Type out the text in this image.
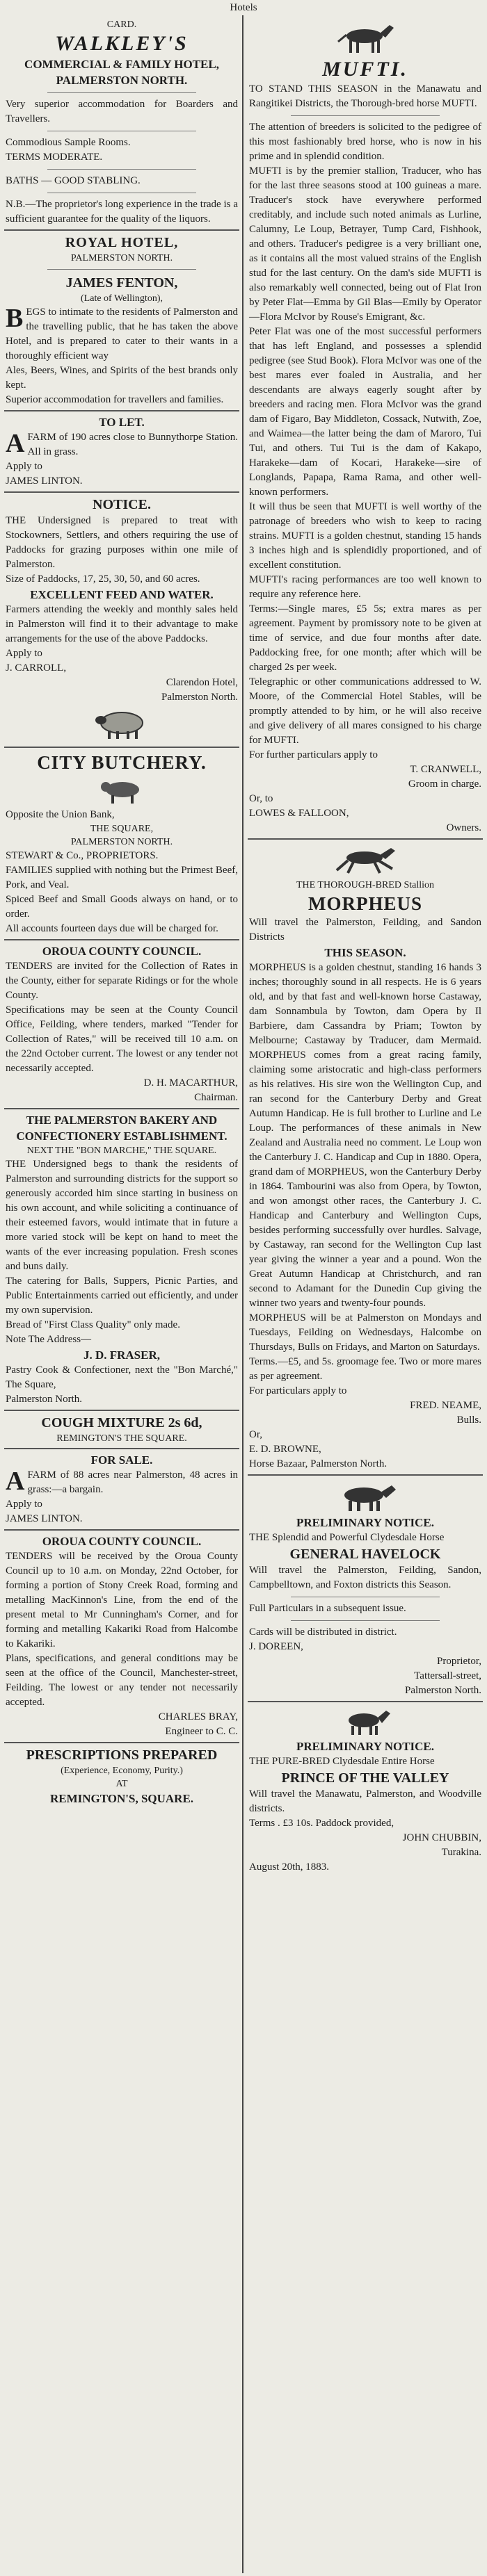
Hotels
CARD.
WALKLEY'S
COMMERCIAL & FAMILY HOTEL,
PALMERSTON NORTH.
Very superior accommodation for Boarders and Travellers.
Commodious Sample Rooms.
TERMS MODERATE.
BATHS — GOOD STABLING.
N.B.—The proprietor's long experience in the trade is a sufficient guarantee for the quality of the liquors.
ROYAL HOTEL,
PALMERSTON NORTH.
JAMES FENTON,
(Late of Wellington),
BEGS to intimate to the residents of Palmerston and the travelling public, that he has taken the above Hotel, and is prepared to cater to their wants in a thoroughly efficient way
Ales, Beers, Wines, and Spirits of the best brands only kept.
Superior accommodation for travellers and families.
TO LET.
AFARM of 190 acres close to Bunnythorpe Station. All in grass.
Apply to
JAMES LINTON.
NOTICE.
THE Undersigned is prepared to treat with Stockowners, Settlers, and others requiring the use of Paddocks for grazing purposes within one mile of Palmerston.
Size of Paddocks, 17, 25, 30, 50, and 60 acres.
EXCELLENT FEED AND WATER.
Farmers attending the weekly and monthly sales held in Palmerston will find it to their advantage to make arrangements for the use of the above Paddocks.
Apply to
J. CARROLL,
Clarendon Hotel,
Palmerston North.
CITY BUTCHERY.
Opposite the Union Bank,
THE SQUARE,
PALMERSTON NORTH.
STEWART & Co., PROPRIETORS.
FAMILIES supplied with nothing but the Primest Beef, Pork, and Veal.
Spiced Beef and Small Goods always on hand, or to order.
All accounts fourteen days due will be charged for.
OROUA COUNTY COUNCIL.
TENDERS are invited for the Collection of Rates in the County, either for separate Ridings or for the whole County.
Specifications may be seen at the County Council Office, Feilding, where tenders, marked "Tender for Collection of Rates," will be received till 10 a.m. on the 22nd October current. The lowest or any tender not necessarily accepted.
D. H. MACARTHUR,
Chairman.
THE PALMERSTON BAKERY AND CONFECTIONERY ESTABLISHMENT.
NEXT THE "BON MARCHE," THE SQUARE.
THE Undersigned begs to thank the residents of Palmerston and surrounding districts for the support so generously accorded him since starting in business on his own account, and while soliciting a continuance of their esteemed favors, would intimate that in future a more varied stock will be kept on hand to meet the wants of the ever increasing population. Fresh scones and buns daily.
The catering for Balls, Suppers, Picnic Parties, and Public Entertainments carried out efficiently, and under my own supervision.
Bread of "First Class Quality" only made.
Note The Address—
J. D. FRASER,
Pastry Cook & Confectioner, next the "Bon Marché," The Square,
Palmerston North.
COUGH MIXTURE 2s 6d,
REMINGTON'S THE SQUARE.
FOR SALE.
AFARM of 88 acres near Palmerston, 48 acres in grass:—a bargain.
Apply to
JAMES LINTON.
OROUA COUNTY COUNCIL.
TENDERS will be received by the Oroua County Council up to 10 a.m. on Monday, 22nd October, for forming a portion of Stony Creek Road, forming and metalling MacKinnon's Line, from the end of the present metal to Mr Cunningham's Corner, and for forming and metalling Kakariki Road from Halcombe to Kakariki.
Plans, specifications, and general conditions may be seen at the office of the Council, Manchester-street, Feilding. The lowest or any tender not necessarily accepted.
CHARLES BRAY,
Engineer to C. C.
PRESCRIPTIONS PREPARED
(Experience, Economy, Purity.)
AT
REMINGTON'S, SQUARE.
MUFTI.
TO STAND THIS SEASON in the Manawatu and Rangitikei Districts, the Thorough-bred horse MUFTI.
The attention of breeders is solicited to the pedigree of this most fashionably bred horse, who is now in his prime and in splendid condition.
MUFTI is by the premier stallion, Traducer, who has for the last three seasons stood at 100 guineas a mare. Traducer's stock have everywhere performed creditably, and include such noted animals as Lurline, Calumny, Le Loup, Betrayer, Tump Card, Fishhook, and others. Traducer's pedigree is a very brilliant one, as it contains all the most valued strains of the English stud for the last century. On the dam's side MUFTI is also remarkably well connected, being out of Flat Iron by Peter Flat—Emma by Gil Blas—Emily by Operator—Flora McIvor by Rouse's Emigrant, &c.
Peter Flat was one of the most successful performers that has left England, and possesses a splendid pedigree (see Stud Book). Flora McIvor was one of the best mares ever foaled in Australia, and her descendants are always eagerly sought after by breeders and racing men. Flora McIvor was the grand dam of Figaro, Bay Middleton, Cossack, Nutwith, Zoe, and Waimea—the latter being the dam of Maroro, Tui Tui, and others. Tui Tui is the dam of Kakapo, Harakeke—dam of Kocari, Harakeke—sire of Longlands, Papapa, Rama Rama, and other well-known performers.
It will thus be seen that MUFTI is well worthy of the patronage of breeders who wish to keep to racing strains. MUFTI is a golden chestnut, standing 15 hands 3 inches high and is splendidly proportioned, and of excellent constitution.
MUFTI's racing performances are too well known to require any reference here.
Terms:—Single mares, £5 5s; extra mares as per agreement. Payment by promissory note to be given at time of service, and due four months after date. Paddocking free, for one month; after which will be charged 2s per week.
Telegraphic or other communications addressed to W. Moore, of the Commercial Hotel Stables, will be promptly attended to by him, or he will also receive and give delivery of all mares consigned to his charge for MUFTI.
For further particulars apply to
T. CRANWELL,
Groom in charge.
Or, to
LOWES & FALLOON,
Owners.
THE THOROUGH-BRED Stallion
MORPHEUS
Will travel the Palmerston, Feilding, and Sandon Districts
THIS SEASON.
MORPHEUS is a golden chestnut, standing 16 hands 3 inches; thoroughly sound in all respects. He is 6 years old, and by that fast and well-known horse Castaway, dam Sonnambula by Towton, dam Opera by Il Barbiere, dam Cassandra by Priam; Towton by Melbourne; Castaway by Traducer, dam Mermaid. MORPHEUS comes from a great racing family, claiming some aristocratic and high-class performers as his relatives. His sire won the Wellington Cup, and ran second for the Canterbury Derby and Great Autumn Handicap. He is full brother to Lurline and Le Loup. The performances of these animals in New Zealand and Australia need no comment. Le Loup won the Canterbury J. C. Handicap and Cup in 1880. Opera, grand dam of MORPHEUS, won the Canterbury Derby in 1864. Tambourini was also from Opera, by Towton, and won amongst other races, the Canterbury J. C. Handicap and Canterbury and Wellington Cups, besides performing successfully over hurdles. Salvage, by Castaway, ran second for the Wellington Cup last year giving the winner a year and a pound. Won the Great Autumn Handicap at Christchurch, and ran second to Adamant for the Dunedin Cup giving the winner two years and twenty-four pounds.
MORPHEUS will be at Palmerston on Mondays and Tuesdays, Feilding on Wednesdays, Halcombe on Thursdays, Bulls on Fridays, and Marton on Saturdays.
Terms.—£5, and 5s. groomage fee. Two or more mares as per agreement.
For particulars apply to
FRED. NEAME,
Bulls.
Or,
E. D. BROWNE,
Horse Bazaar, Palmerston North.
PRELIMINARY NOTICE.
THE Splendid and Powerful Clydesdale Horse
GENERAL HAVELOCK
Will travel the Palmerston, Feilding, Sandon, Campbelltown, and Foxton districts this Season.
Full Particulars in a subsequent issue.
Cards will be distributed in district.
J. DOREEN,
Proprietor,
Tattersall-street,
Palmerston North.
PRELIMINARY NOTICE.
THE PURE-BRED Clydesdale Entire Horse
PRINCE OF THE VALLEY
Will travel the Manawatu, Palmerston, and Woodville districts.
Terms . £3 10s. Paddock provided,
JOHN CHUBBIN,
Turakina.
August 20th, 1883.
